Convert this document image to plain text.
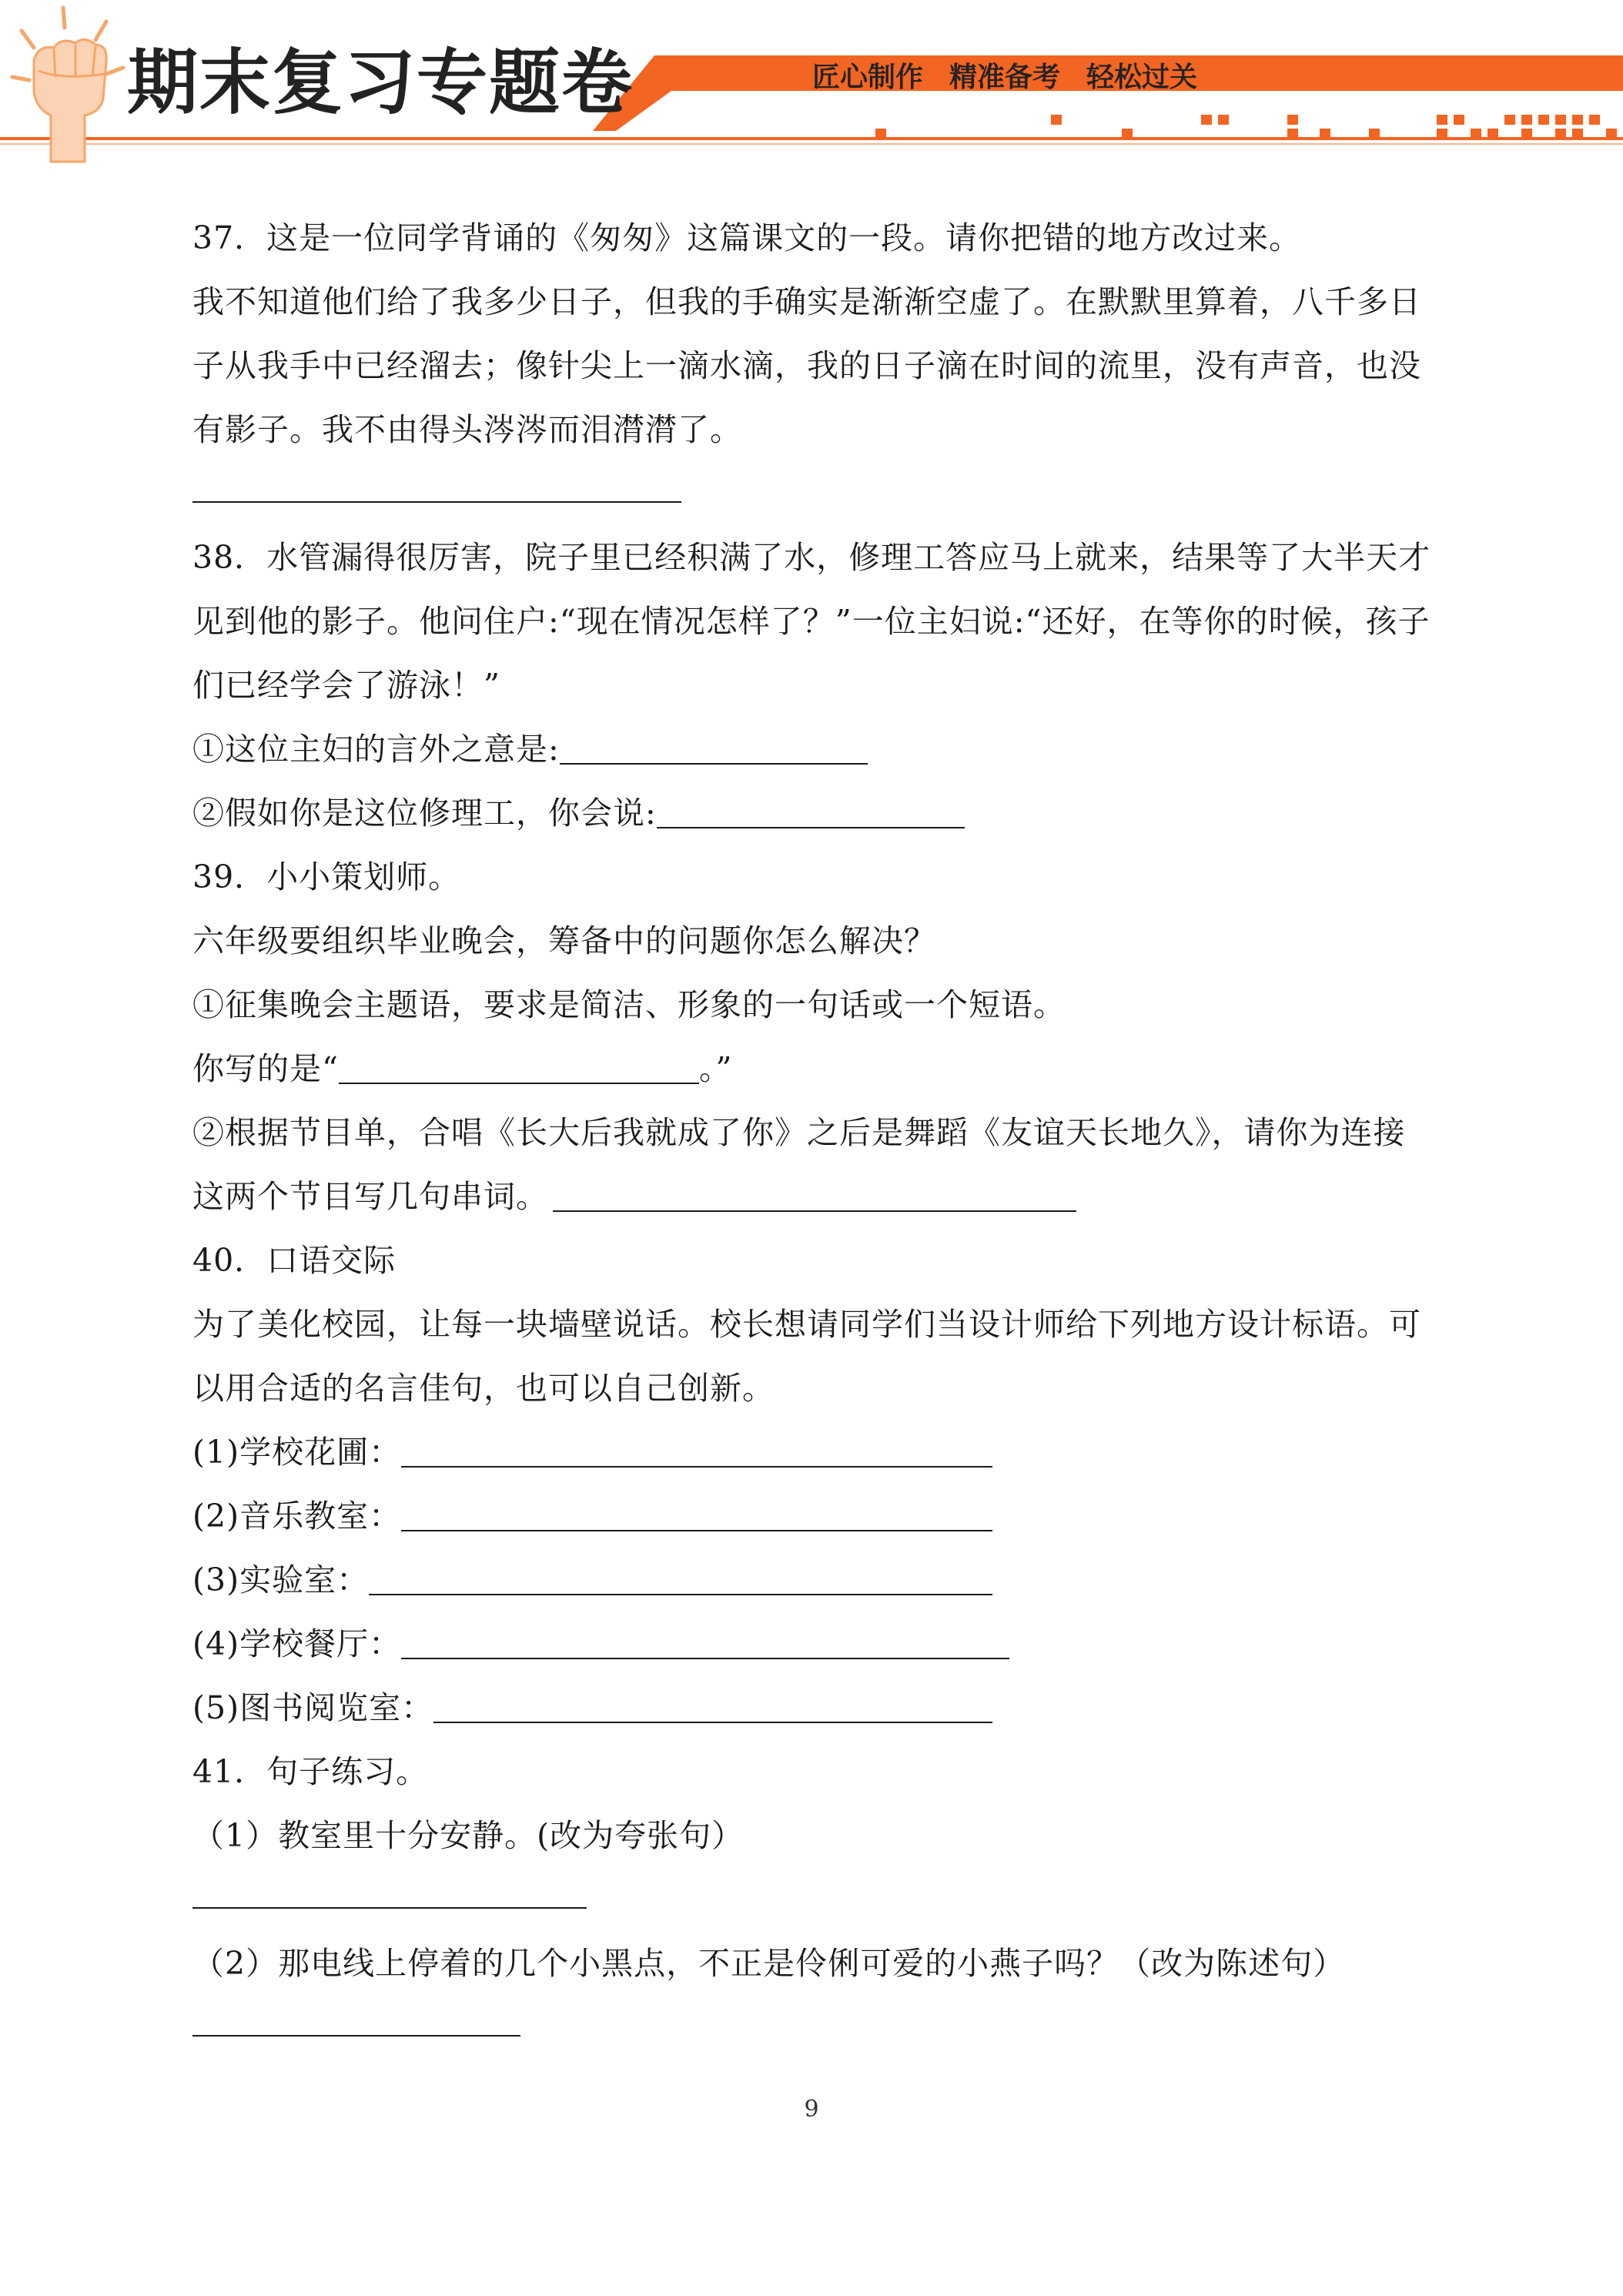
期末复习专题卷	匠心制作 精准备考 轻松过关
37．这是一位同学背诵的《匆匆》这篇课文的一段。请你把错的地方改过来。
我不知道他们给了我多少日子，但我的手确实是渐渐空虚了。在默默里算着，八千多日
子从我手中已经溜去；像针尖上一滴水滴，我的日子滴在时间的流里，没有声音，也没
有影子。我不由得头涔涔而泪潸潸了。
38．水管漏得很厉害，院子里已经积满了水，修理工答应马上就来，结果等了大半天才
见到他的影子。他问住户:“现在情况怎样了？”一位主妇说:“还好，在等你的时候，孩子
们已经学会了游泳！”
①这位主妇的言外之意是:
②假如你是这位修理工，你会说:
39．小小策划师。
六年级要组织毕业晚会，筹备中的问题你怎么解决？
①征集晚会主题语，要求是简洁、形象的一句话或一个短语。
你写的是“	。”
②根据节目单，合唱《长大后我就成了你》之后是舞蹈《友谊天长地久》，请你为连接
这两个节目写几句串词。
40．口语交际
为了美化校园，让每一块墙壁说话。校长想请同学们当设计师给下列地方设计标语。可
以用合适的名言佳句，也可以自己创新。
(1)学校花圃：
(2)音乐教室：
(3)实验室：
(4)学校餐厅：
(5)图书阅览室：
41．句子练习。
（1）教室里十分安静。(改为夸张句）
（2）那电线上停着的几个小黑点，不正是伶俐可爱的小燕子吗？（改为陈述句）
9
